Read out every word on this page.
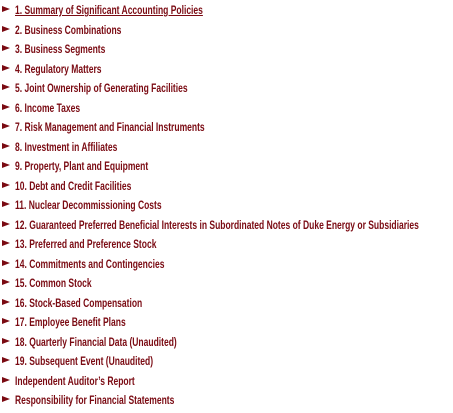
1. Summary of Significant Accounting Policies
2. Business Combinations
3. Business Segments
4. Regulatory Matters
5. Joint Ownership of Generating Facilities
6. Income Taxes
7. Risk Management and Financial Instruments
8. Investment in Affiliates
9. Property, Plant and Equipment
10. Debt and Credit Facilities
11. Nuclear Decommissioning Costs
12. Guaranteed Preferred Beneficial Interests in Subordinated Notes of Duke Energy or Subsidiaries
13. Preferred and Preference Stock
14. Commitments and Contingencies
15. Common Stock
16. Stock-Based Compensation
17. Employee Benefit Plans
18. Quarterly Financial Data (Unaudited)
19. Subsequent Event (Unaudited)
Independent Auditor’s Report
Responsibility for Financial Statements
